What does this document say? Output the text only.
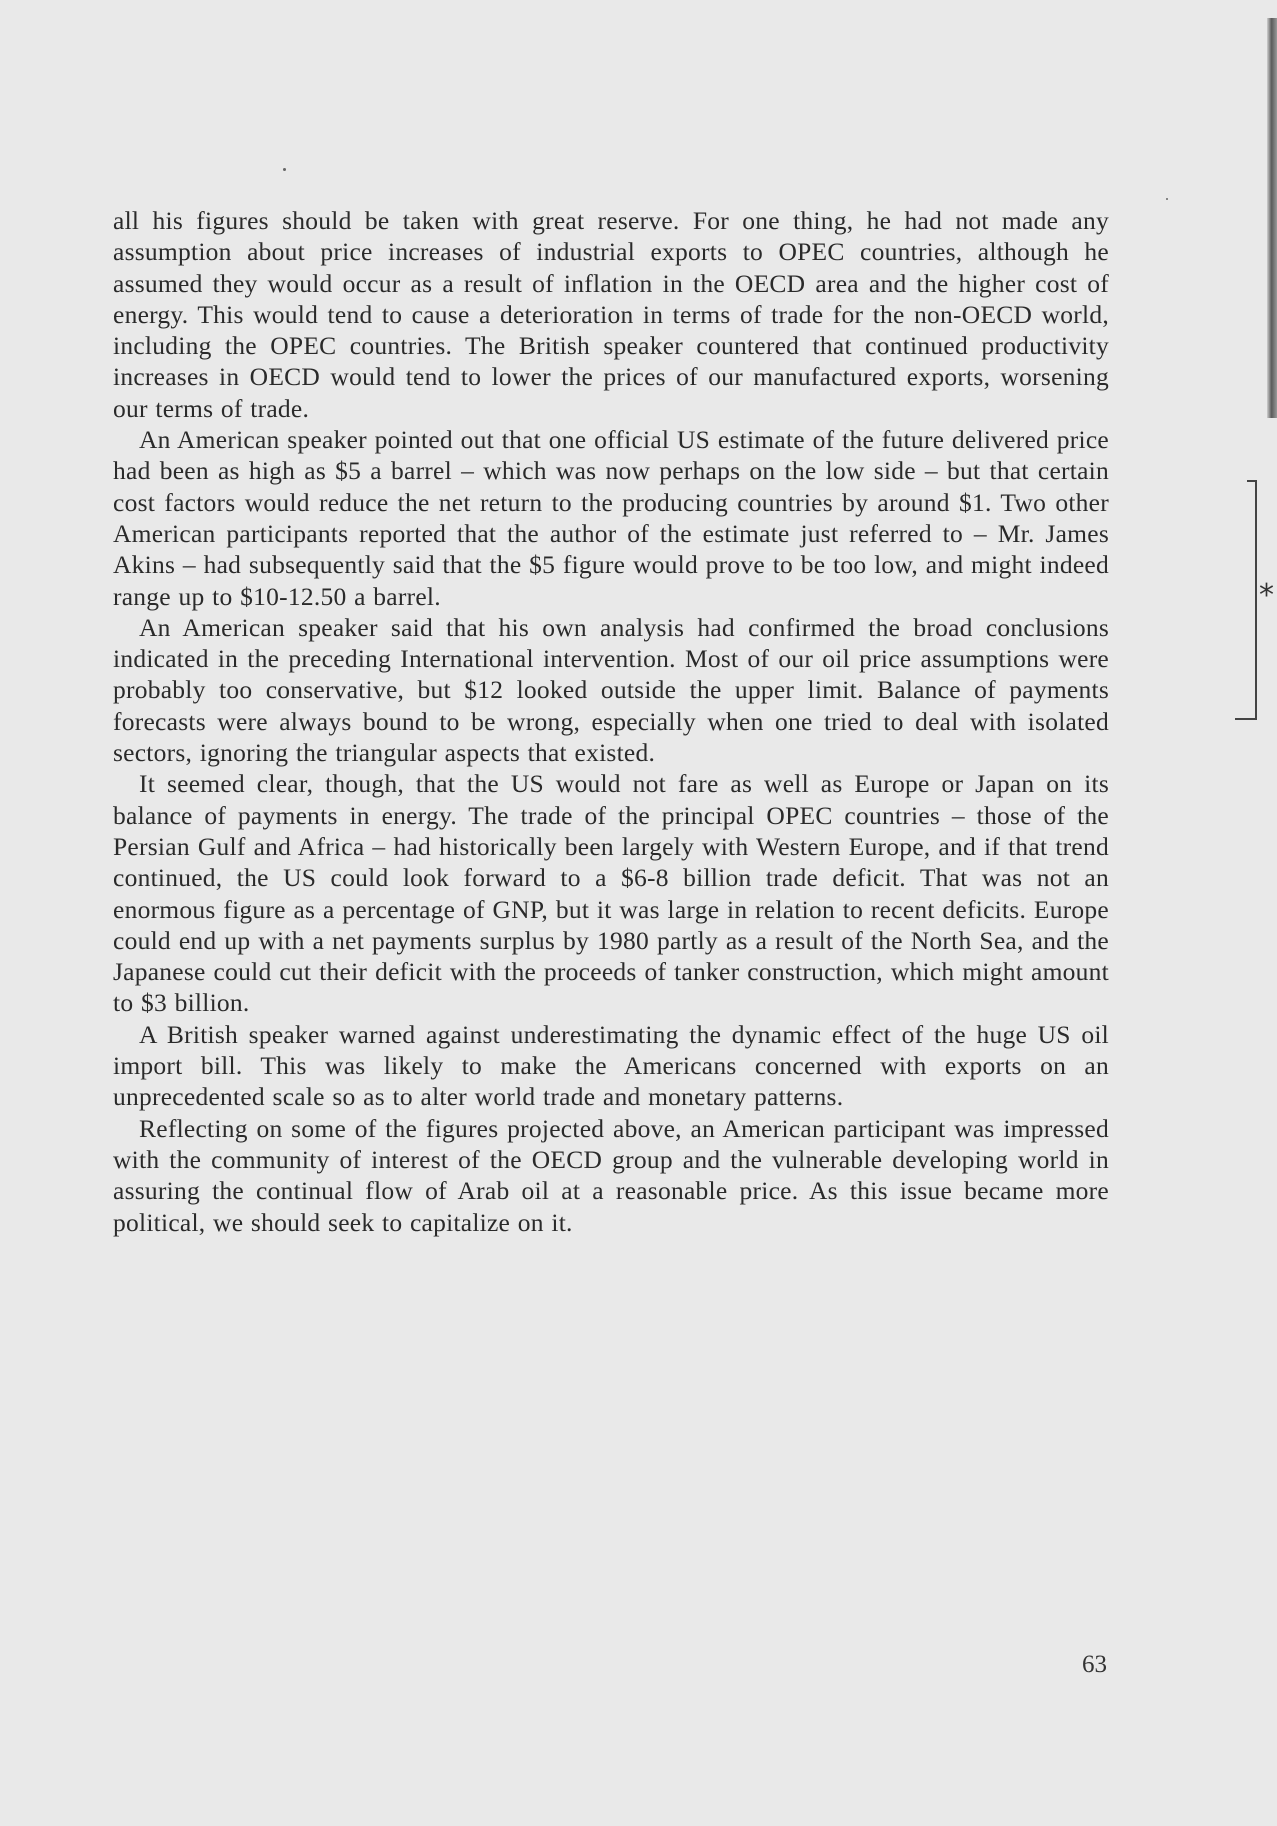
all his figures should be taken with great reserve. For one thing, he had not made any assumption about price increases of industrial exports to OPEC countries, although he assumed they would occur as a result of inflation in the OECD area and the higher cost of energy. This would tend to cause a deterioration in terms of trade for the non-OECD world, including the OPEC countries. The British speaker countered that continued productivity increases in OECD would tend to lower the prices of our manufactured exports, worsening our terms of trade.

An American speaker pointed out that one official US estimate of the future delivered price had been as high as $5 a barrel – which was now perhaps on the low side – but that certain cost factors would reduce the net return to the producing countries by around $1. Two other American participants reported that the author of the estimate just referred to – Mr. James Akins – had subsequently said that the $5 figure would prove to be too low, and might indeed range up to $10-12.50 a barrel.

An American speaker said that his own analysis had confirmed the broad conclusions indicated in the preceding International intervention. Most of our oil price assumptions were probably too conservative, but $12 looked outside the upper limit. Balance of payments forecasts were always bound to be wrong, especially when one tried to deal with isolated sectors, ignoring the triangular aspects that existed.

It seemed clear, though, that the US would not fare as well as Europe or Japan on its balance of payments in energy. The trade of the principal OPEC countries – those of the Persian Gulf and Africa – had historically been largely with Western Europe, and if that trend continued, the US could look forward to a $6-8 billion trade deficit. That was not an enormous figure as a percentage of GNP, but it was large in relation to recent deficits. Europe could end up with a net payments surplus by 1980 partly as a result of the North Sea, and the Japanese could cut their deficit with the proceeds of tanker construction, which might amount to $3 billion.

A British speaker warned against underestimating the dynamic effect of the huge US oil import bill. This was likely to make the Americans concerned with exports on an unprecedented scale so as to alter world trade and monetary patterns.

Reflecting on some of the figures projected above, an American participant was impressed with the community of interest of the OECD group and the vulnerable developing world in assuring the continual flow of Arab oil at a reasonable price. As this issue became more political, we should seek to capitalize on it.

*
63
